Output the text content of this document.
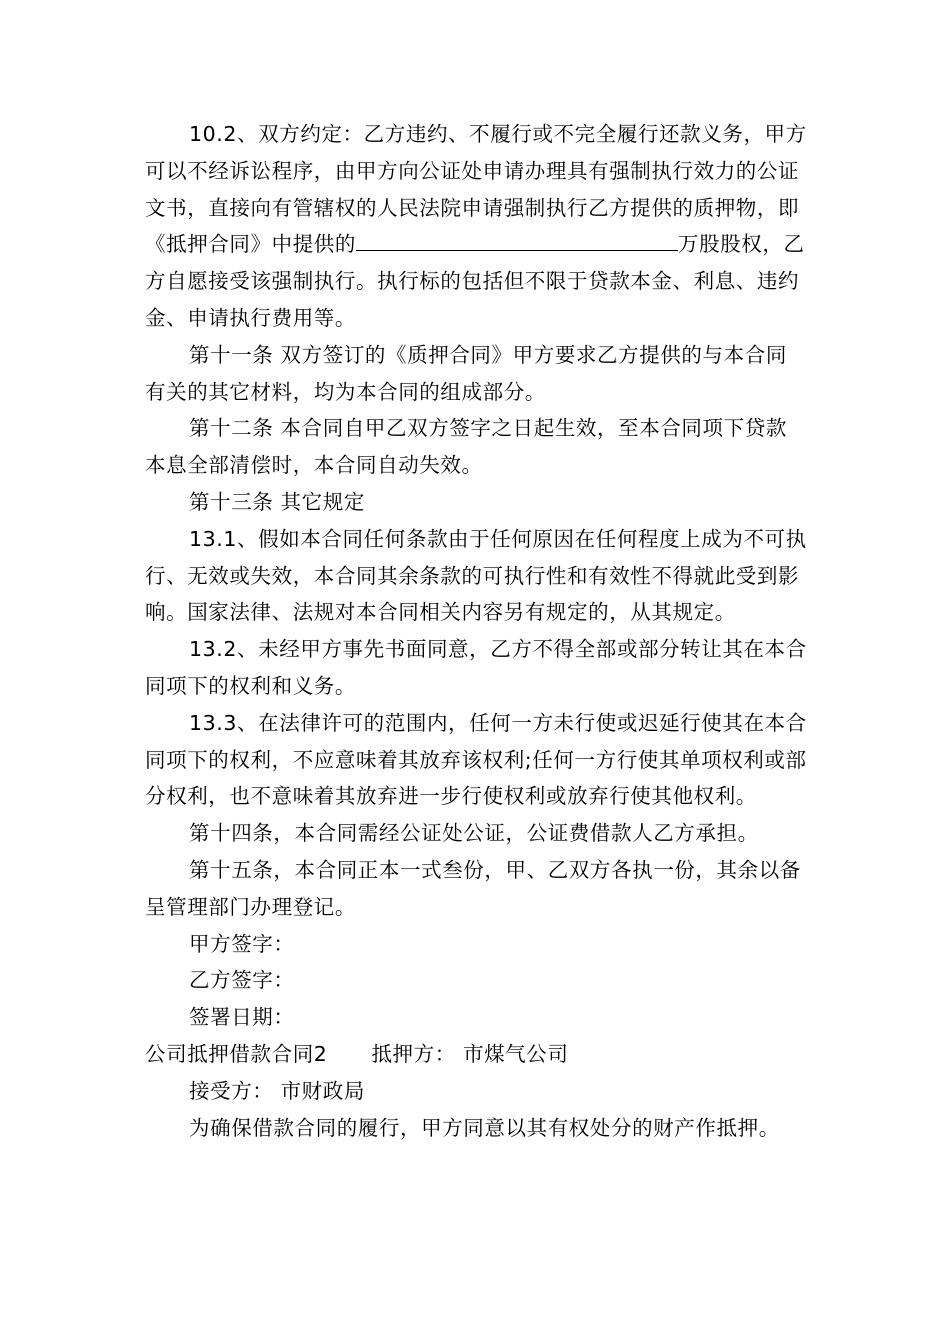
10.2、双方约定：乙方违约、不履行或不完全履行还款义务，甲方可以不经诉讼程序，由甲方向公证处申请办理具有强制执行效力的公证文书，直接向有管辖权的人民法院申请强制执行乙方提供的质押物，即《抵押合同》中提供的	万股股权，乙方自愿接受该强制执行。执行标的包括但不限于贷款本金、利息、违约金、申请执行费用等。

第十一条 双方签订的《质押合同》甲方要求乙方提供的与本合同有关的其它材料，均为本合同的组成部分。

第十二条 本合同自甲乙双方签字之日起生效，至本合同项下贷款本息全部清偿时，本合同自动失效。

第十三条 其它规定

13.1、假如本合同任何条款由于任何原因在任何程度上成为不可执行、无效或失效，本合同其余条款的可执行性和有效性不得就此受到影响。国家法律、法规对本合同相关内容另有规定的，从其规定。

13.2、未经甲方事先书面同意，乙方不得全部或部分转让其在本合同项下的权利和义务。

13.3、在法律许可的范围内，任何一方未行使或迟延行使其在本合同项下的权利，不应意味着其放弃该权利;任何一方行使其单项权利或部分权利，也不意味着其放弃进一步行使权利或放弃行使其他权利。

第十四条，本合同需经公证处公证，公证费借款人乙方承担。

第十五条，本合同正本一式叁份，甲、乙双方各执一份，其余以备呈管理部门办理登记。

甲方签字：

乙方签字：

签署日期：

公司抵押借款合同2 抵押方： 市煤气公司

接受方： 市财政局

为确保借款合同的履行，甲方同意以其有权处分的财产作抵押。
